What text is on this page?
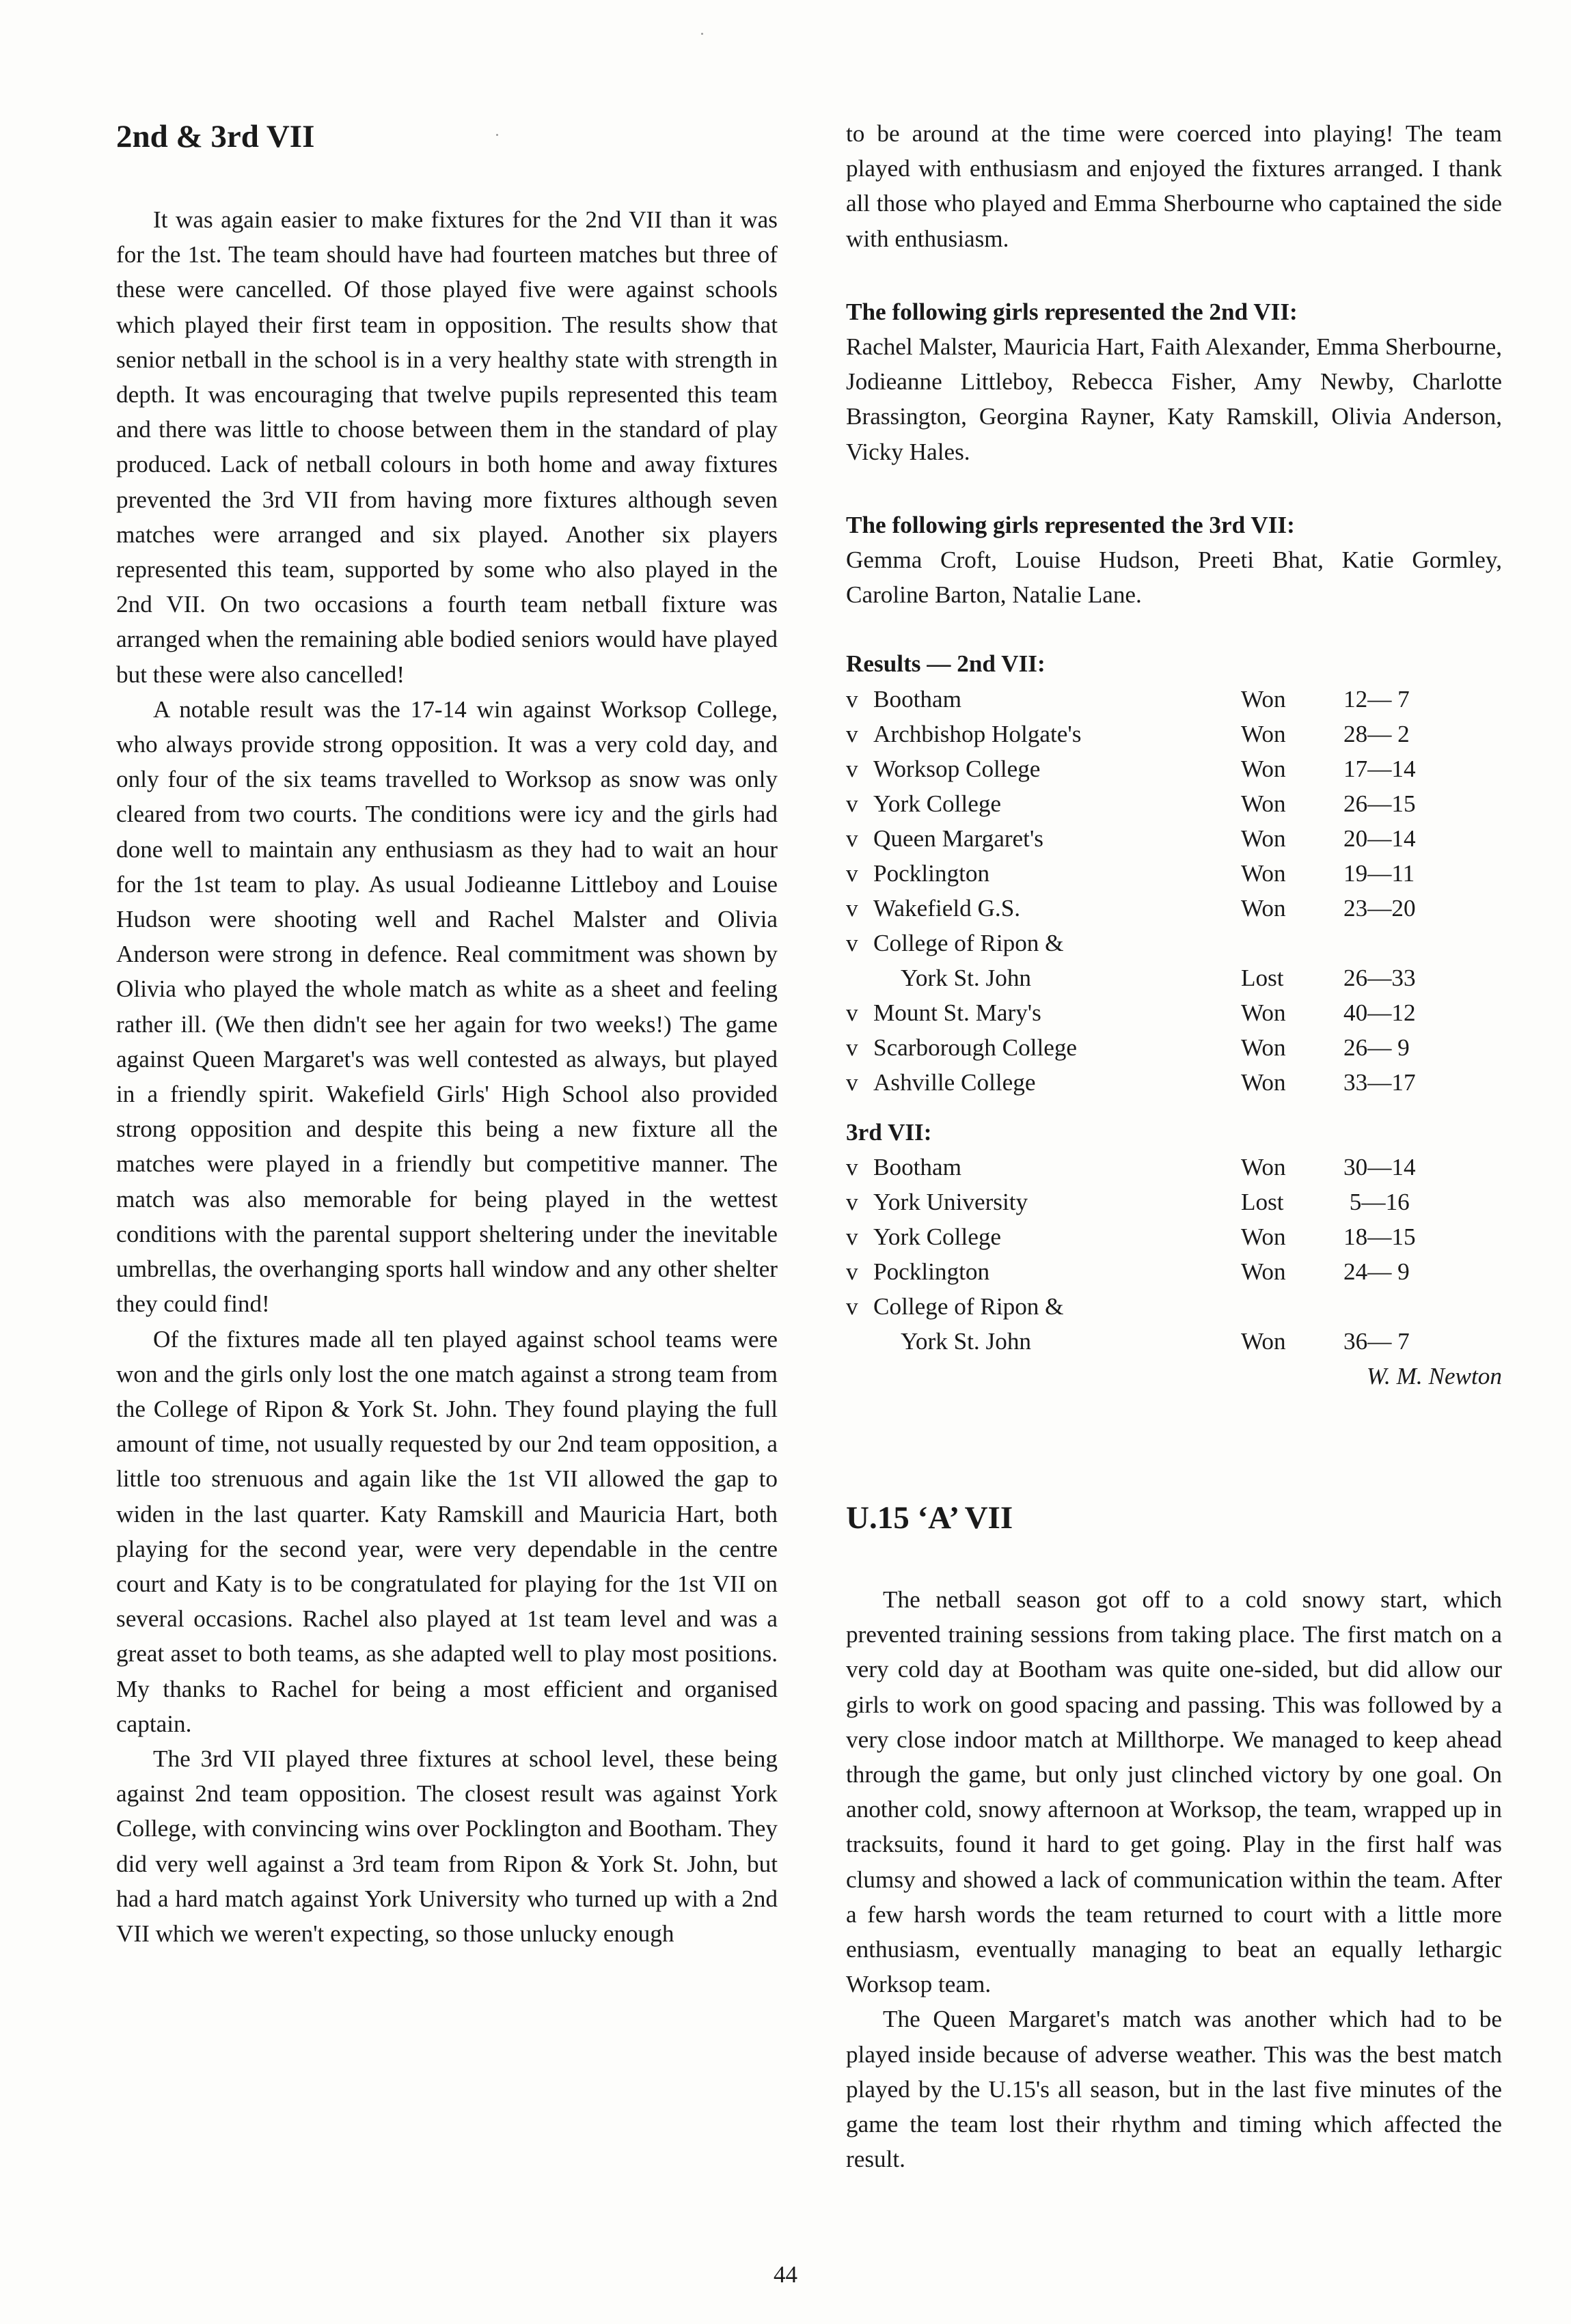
2nd & 3rd VII

It was again easier to make fixtures for the 2nd VII than it was for the 1st. The team should have had fourteen matches but three of these were cancelled. Of those played five were against schools which played their first team in opposition. The results show that senior netball in the school is in a very healthy state with strength in depth. It was encouraging that twelve pupils represented this team and there was little to choose between them in the standard of play produced. Lack of netball colours in both home and away fixtures prevented the 3rd VII from having more fixtures although seven matches were arranged and six played. Another six players represented this team, supported by some who also played in the 2nd VII. On two occasions a fourth team netball fixture was arranged when the remaining able bodied seniors would have played but these were also cancelled!

A notable result was the 17-14 win against Worksop College, who always provide strong opposition. It was a very cold day, and only four of the six teams travelled to Worksop as snow was only cleared from two courts. The conditions were icy and the girls had done well to maintain any enthusiasm as they had to wait an hour for the 1st team to play. As usual Jodieanne Littleboy and Louise Hudson were shooting well and Rachel Malster and Olivia Anderson were strong in defence. Real commitment was shown by Olivia who played the whole match as white as a sheet and feeling rather ill. (We then didn't see her again for two weeks!) The game against Queen Margaret's was well contested as always, but played in a friendly spirit. Wakefield Girls' High School also provided strong opposition and despite this being a new fixture all the matches were played in a friendly but competitive manner. The match was also memorable for being played in the wettest conditions with the parental support sheltering under the inevitable umbrellas, the overhanging sports hall window and any other shelter they could find!

Of the fixtures made all ten played against school teams were won and the girls only lost the one match against a strong team from the College of Ripon & York St. John. They found playing the full amount of time, not usually requested by our 2nd team opposition, a little too strenuous and again like the 1st VII allowed the gap to widen in the last quarter. Katy Ramskill and Mauricia Hart, both playing for the second year, were very dependable in the centre court and Katy is to be congratulated for playing for the 1st VII on several occasions. Rachel also played at 1st team level and was a great asset to both teams, as she adapted well to play most positions. My thanks to Rachel for being a most efficient and organised captain.

The 3rd VII played three fixtures at school level, these being against 2nd team opposition. The closest result was against York College, with convincing wins over Pocklington and Bootham. They did very well against a 3rd team from Ripon & York St. John, but had a hard match against York University who turned up with a 2nd VII which we weren't expecting, so those unlucky enough

to be around at the time were coerced into playing! The team played with enthusiasm and enjoyed the fixtures arranged. I thank all those who played and Emma Sherbourne who captained the side with enthusiasm.

The following girls represented the 2nd VII:
Rachel Malster, Mauricia Hart, Faith Alexander, Emma Sherbourne, Jodieanne Littleboy, Rebecca Fisher, Amy Newby, Charlotte Brassington, Georgina Rayner, Katy Ramskill, Olivia Anderson, Vicky Hales.
The following girls represented the 3rd VII:
Gemma Croft, Louise Hudson, Preeti Bhat, Katie Gormley, Caroline Barton, Natalie Lane.
Results — 2nd VII:
v	Bootham	Won	12— 7
v	Archbishop Holgate's	Won	28— 2
v	Worksop College	Won	17—14
v	York College	Won	26—15
v	Queen Margaret's	Won	20—14
v	Pocklington	Won	19—11
v	Wakefield G.S.	Won	23—20
v	College of Ripon &		
	York St. John	Lost	26—33
v	Mount St. Mary's	Won	40—12
v	Scarborough College	Won	26— 9
v	Ashville College	Won	33—17
3rd VII:
v	Bootham	Won	30—14
v	York University	Lost	5—16
v	York College	Won	18—15
v	Pocklington	Won	24— 9
v	College of Ripon &		
	York St. John	Won	36— 7
W. M. Newton
U.15 ‘A’ VII

The netball season got off to a cold snowy start, which prevented training sessions from taking place. The first match on a very cold day at Bootham was quite one-sided, but did allow our girls to work on good spacing and passing. This was followed by a very close indoor match at Millthorpe. We managed to keep ahead through the game, but only just clinched victory by one goal. On another cold, snowy afternoon at Worksop, the team, wrapped up in tracksuits, found it hard to get going. Play in the first half was clumsy and showed a lack of communication within the team. After a few harsh words the team returned to court with a little more enthusiasm, eventually managing to beat an equally lethargic Worksop team.

The Queen Margaret's match was another which had to be played inside because of adverse weather. This was the best match played by the U.15's all season, but in the last five minutes of the game the team lost their rhythm and timing which affected the result.

44
